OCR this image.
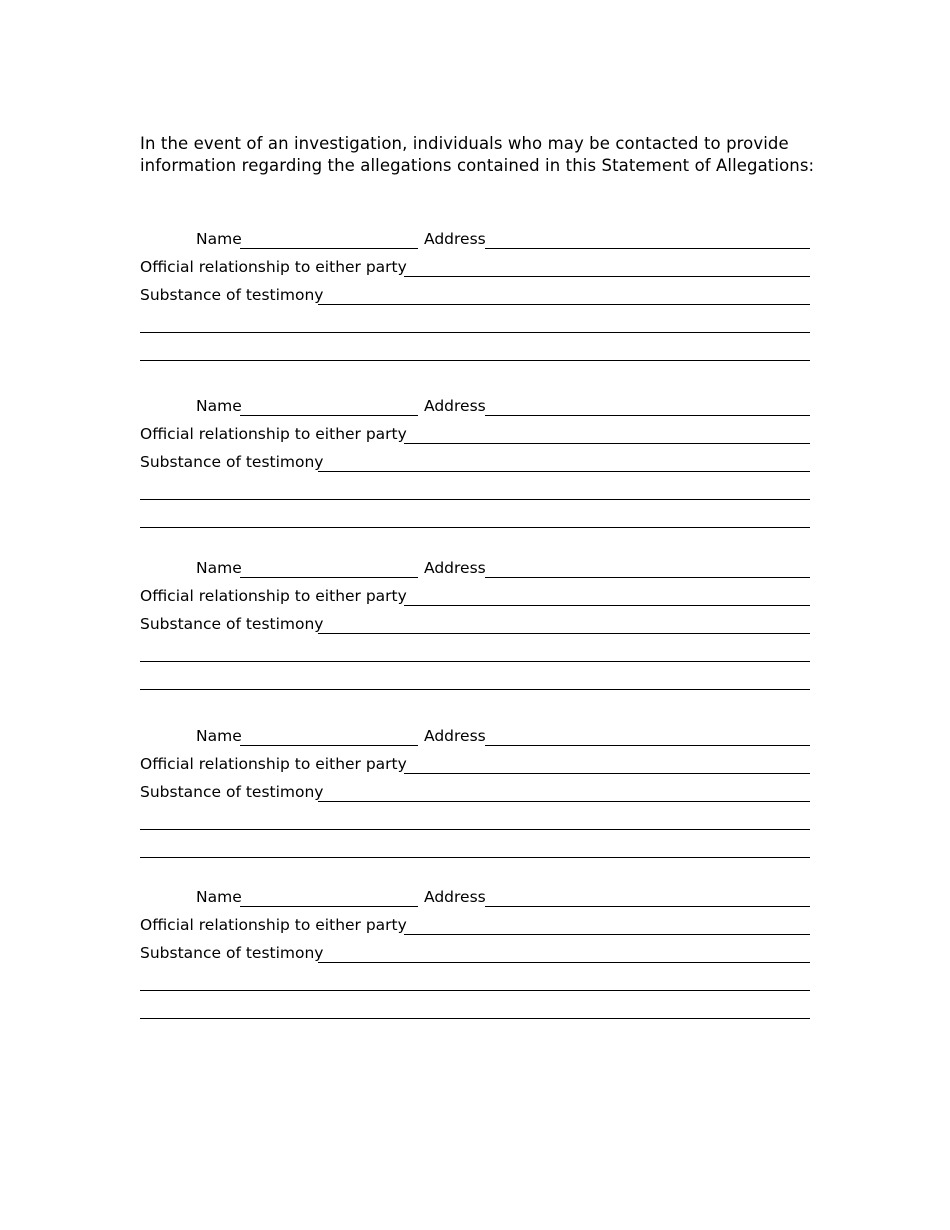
In the event of an investigation, individuals who may be contacted to provide
information regarding the allegations contained in this Statement of Allegations:
Name	Address
Official relationship to either party
Substance of testimony
Name	Address
Official relationship to either party
Substance of testimony
Name	Address
Official relationship to either party
Substance of testimony
Name	Address
Official relationship to either party
Substance of testimony
Name	Address
Official relationship to either party
Substance of testimony
